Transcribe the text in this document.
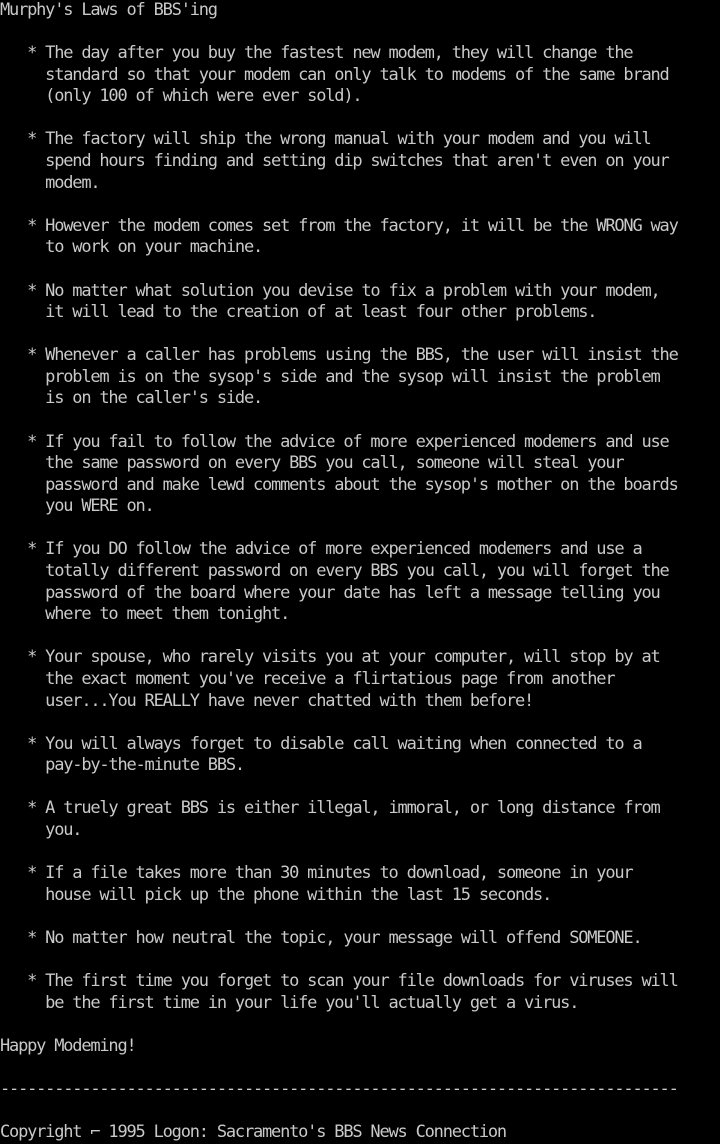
Murphy's Laws of BBS'ing

* The day after you buy the fastest new modem, they will change the
standard so that your modem can only talk to modems of the same brand
(only 100 of which were ever sold).

* The factory will ship the wrong manual with your modem and you will
spend hours finding and setting dip switches that aren't even on your
modem.

* However the modem comes set from the factory, it will be the WRONG way
to work on your machine.

* No matter what solution you devise to fix a problem with your modem,
it will lead to the creation of at least four other problems.

* Whenever a caller has problems using the BBS, the user will insist the
problem is on the sysop's side and the sysop will insist the problem
is on the caller's side.

* If you fail to follow the advice of more experienced modemers and use
the same password on every BBS you call, someone will steal your
password and make lewd comments about the sysop's mother on the boards
you WERE on.

* If you DO follow the advice of more experienced modemers and use a
totally different password on every BBS you call, you will forget the
password of the board where your date has left a message telling you
where to meet them tonight.

* Your spouse, who rarely visits you at your computer, will stop by at
the exact moment you've receive a flirtatious page from another
user...You REALLY have never chatted with them before!

* You will always forget to disable call waiting when connected to a
pay-by-the-minute BBS.

* A truely great BBS is either illegal, immoral, or long distance from
you.

* If a file takes more than 30 minutes to download, someone in your
house will pick up the phone within the last 15 seconds.

* No matter how neutral the topic, your message will offend SOMEONE.

* The first time you forget to scan your file downloads for viruses will
be the first time in your life you'll actually get a virus.

Happy Modeming!

---------------------------------------------------------------------------

Copyright ⌐ 1995 Logon: Sacramento's BBS News Connection
